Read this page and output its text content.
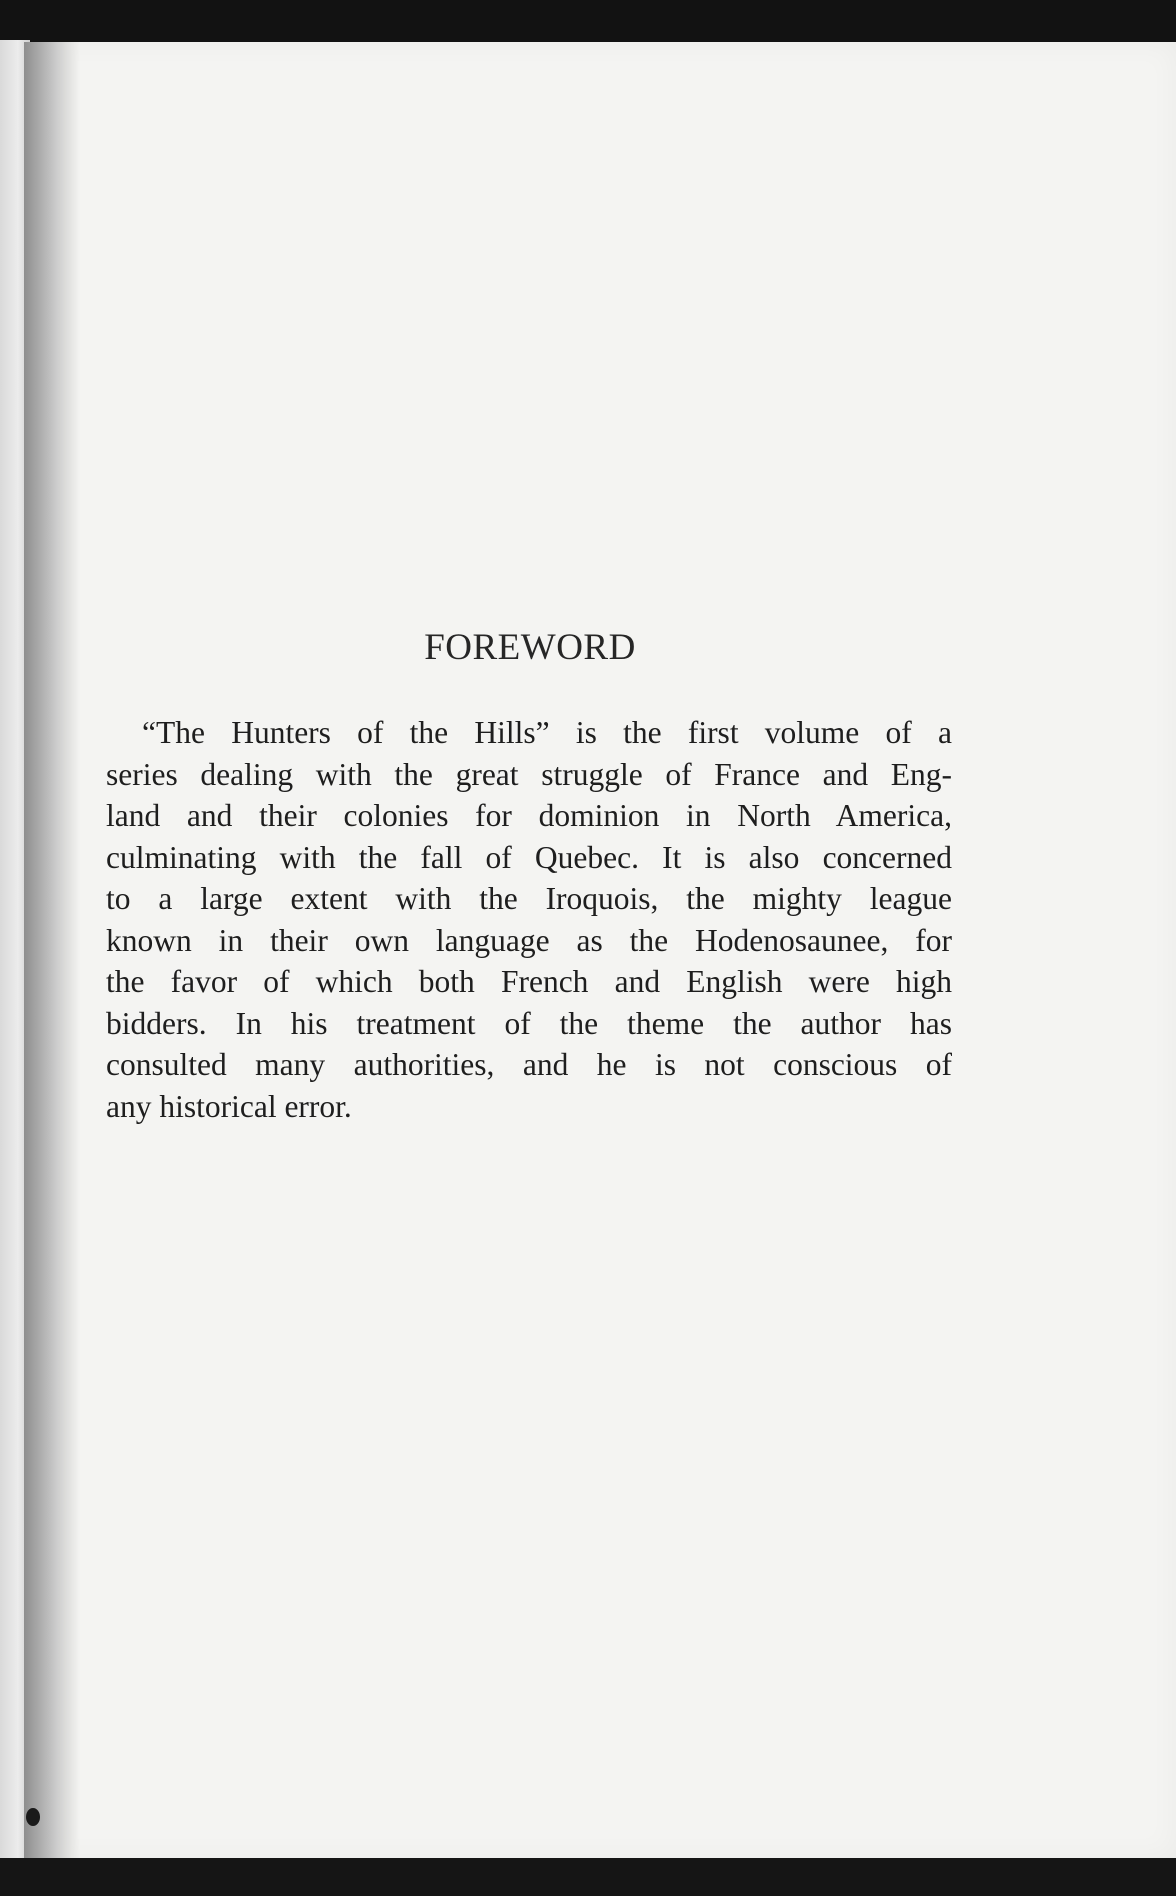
FOREWORD

“The Hunters of the Hills” is the first volume of a
series dealing with the great struggle of France and Eng-
land and their colonies for dominion in North America,
culminating with the fall of Quebec. It is also concerned
to a large extent with the Iroquois, the mighty league
known in their own language as the Hodenosaunee, for
the favor of which both French and English were high
bidders. In his treatment of the theme the author has
consulted many authorities, and he is not conscious of
any historical error.
